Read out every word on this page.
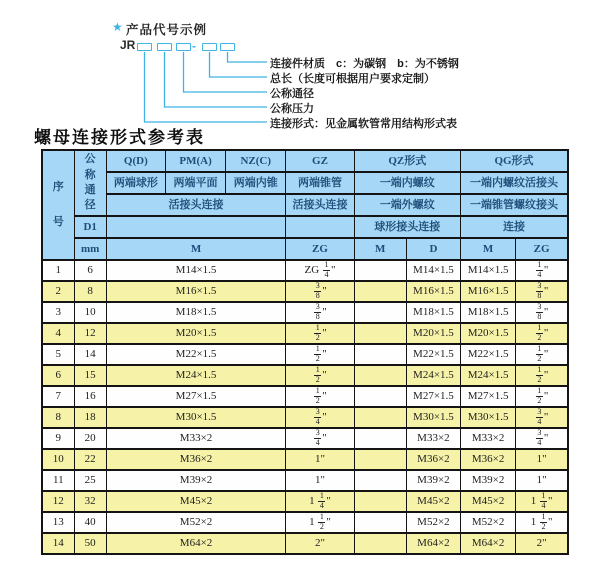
★ 产品代号示例
JR	-
连接件材质　c：为碳钢　b：为不锈钢
总长（长度可根据用户要求定制）
公称通径
公称压力
连接形式：见金属软管常用结构形式表
螺母连接形式参考表
序号	公称通径	Q(D)	PM(A)	NZ(C)	GZ	QZ形式		QG形式	
		两端球形	两端平面	两端内锥	两端锥管	一端内螺纹		一端内螺纹活接头	
		活接头连接			活接头连接	一端外螺纹		一端锥管螺纹接头	
	D1					球形接头连接		连接	
	mm	M			ZG	M	D	M	ZG
1	6	M14×1.5			ZG $\frac{1}{4}$ "		M14×1.5	M14×1.5	$\frac{1}{4}$ "
2	8	M16×1.5			$\frac{3}{8}$ "		M16×1.5	M16×1.5	$\frac{3}{8}$ "
3	10	M18×1.5			$\frac{3}{8}$ "		M18×1.5	M18×1.5	$\frac{3}{8}$ "
4	12	M20×1.5			$\frac{1}{2}$ "		M20×1.5	M20×1.5	$\frac{1}{2}$ "
5	14	M22×1.5			$\frac{1}{2}$ "		M22×1.5	M22×1.5	$\frac{1}{2}$ "
6	15	M24×1.5			$\frac{1}{2}$ "		M24×1.5	M24×1.5	$\frac{1}{2}$ "
7	16	M27×1.5			$\frac{1}{2}$ "		M27×1.5	M27×1.5	$\frac{1}{2}$ "
8	18	M30×1.5			$\frac{3}{4}$ "		M30×1.5	M30×1.5	$\frac{3}{4}$ "
9	20	M33×2			$\frac{3}{4}$ "		M33×2	M33×2	$\frac{3}{4}$ "
10	22	M36×2			1"		M36×2	M36×2	1"
11	25	M39×2			1"		M39×2	M39×2	1"
12	32	M45×2			$1 \frac{1}{4}$ "		M45×2	M45×2	$1 \frac{1}{4}$ "
13	40	M52×2			$1 \frac{1}{2}$ "		M52×2	M52×2	$1 \frac{1}{2}$ "
14	50	M64×2			2"		M64×2	M64×2	2"
